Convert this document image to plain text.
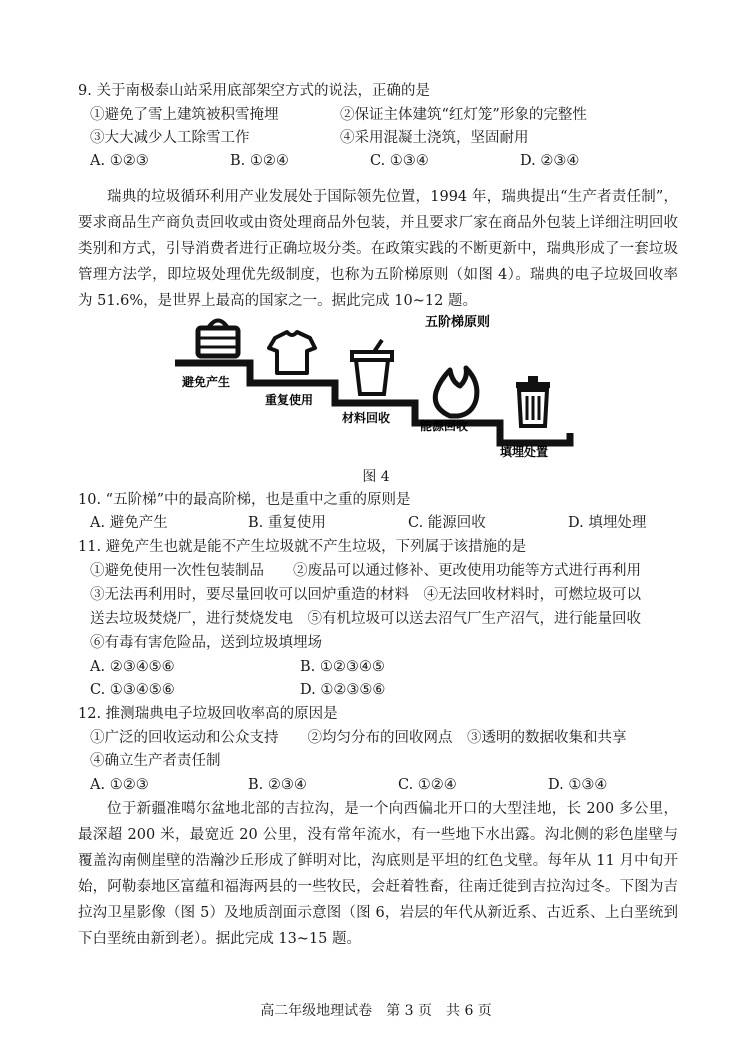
9. 关于南极泰山站采用底部架空方式的说法，正确的是
①避免了雪上建筑被积雪掩埋	②保证主体建筑“红灯笼”形象的完整性
③大大减少人工除雪工作	④采用混凝土浇筑，坚固耐用
A. ①②③	B. ①②④	C. ①③④	D. ②③④
瑞典的垃圾循环利用产业发展处于国际领先位置，1994 年，瑞典提出“生产者责任制”，要求商品生产商负责回收或由资处理商品外包装，并且要求厂家在商品外包装上详细注明回收类别和方式，引导消费者进行正确垃圾分类。在政策实践的不断更新中，瑞典形成了一套垃圾管理方法学，即垃圾处理优先级制度，也称为五阶梯原则（如图 4）。瑞典的电子垃圾回收率为 51.6%，是世界上最高的国家之一。据此完成 10~12 题。
五阶梯原则
避免产生
重复使用
材料回收
能源回收
填埋处置
图 4
10. “五阶梯”中的最高阶梯，也是重中之重的原则是
A. 避免产生	B. 重复使用	C. 能源回收	D. 填埋处理
11. 避免产生也就是能不产生垃圾就不产生垃圾，下列属于该措施的是
①避免使用一次性包装制品　　②废品可以通过修补、更改使用功能等方式进行再利用
③无法再利用时，要尽量回收可以回炉重造的材料　④无法回收材料时，可燃垃圾可以
送去垃圾焚烧厂，进行焚烧发电　⑤有机垃圾可以送去沼气厂生产沼气，进行能量回收
⑥有毒有害危险品，送到垃圾填埋场
A. ②③④⑤⑥	B. ①②③④⑤
C. ①③④⑤⑥	D. ①②③⑤⑥
12. 推测瑞典电子垃圾回收率高的原因是
①广泛的回收运动和公众支持　　②均匀分布的回收网点　③透明的数据收集和共享
④确立生产者责任制
A. ①②③	B. ②③④	C. ①②④	D. ①③④
位于新疆准噶尔盆地北部的吉拉沟，是一个向西偏北开口的大型洼地，长 200 多公里，最深超 200 米，最宽近 20 公里，没有常年流水，有一些地下水出露。沟北侧的彩色崖壁与覆盖沟南侧崖壁的浩瀚沙丘形成了鲜明对比，沟底则是平坦的红色戈壁。每年从 11 月中旬开始，阿勒泰地区富蕴和福海两县的一些牧民，会赶着牲畜，往南迁徙到吉拉沟过冬。下图为吉拉沟卫星影像（图 5）及地质剖面示意图（图 6，岩层的年代从新近系、古近系、上白垩统到下白垩统由新到老）。据此完成 13~15 题。
高二年级地理试卷　第 3 页　共 6 页
